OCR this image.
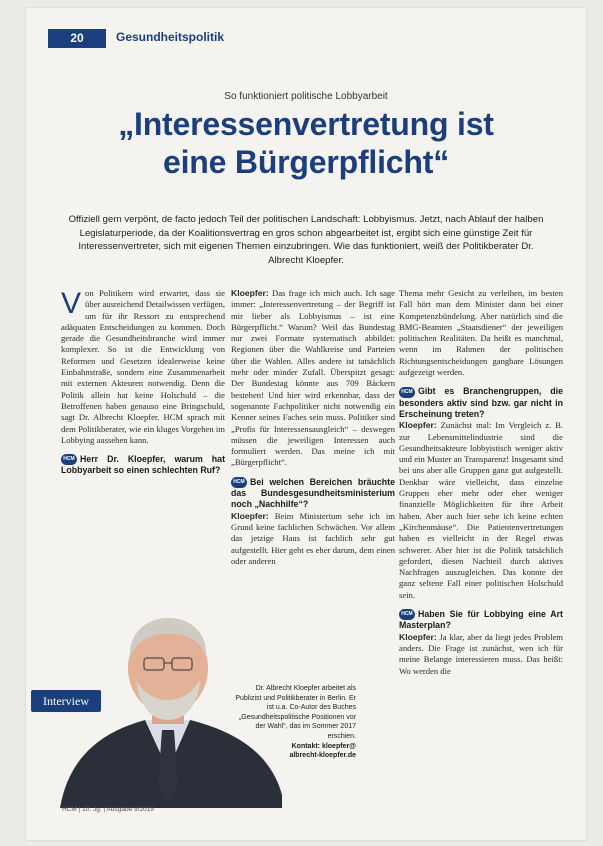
20	Gesundheitspolitik
So funktioniert politische Lobbyarbeit
„Interessenvertretung ist
eine Bürgerpflicht“
Offiziell gern verpönt, de facto jedoch Teil der politischen Landschaft: Lobbyismus. Jetzt, nach Ablauf der halben Legislaturperiode, da der Koalitionsvertrag en gros schon abgearbeitet ist, ergibt sich eine günstige Zeit für Interessenvertreter, sich mit eigenen Themen einzubringen. Wie das funktioniert, weiß der Politikberater Dr. Albrecht Kloepfer.

Von Politikern wird erwartet, dass sie über ausreichend Detailwissen verfügen, um für ihr Ressort zu entsprechend adäquaten Entscheidungen zu kommen. Doch gerade die Gesundheitsbranche wird immer komplexer. So ist die Entwicklung von Reformen und Gesetzen idealerweise keine Einbahnstraße, sondern eine Zusammenarbeit mit externen Akteuren notwendig. Denn die Politik allein hat keine Holschuld – die Betroffenen haben genauso eine Bringschuld, sagt Dr. Albrecht Kloepfer. HCM sprach mit dem Politikberater, wie ein kluges Vorgehen im Lobbying aussehen kann.

HCM Herr Dr. Kloepfer, warum hat Lobbyarbeit so einen schlechten Ruf?

Kloepfer: Das frage ich mich auch. Ich sage immer: „Interessenvertretung – der Begriff ist mir lieber als Lobbyismus – ist eine Bürgerpflicht.“ Warum? Weil das Bundestag nur zwei Formate systematisch abbildet: Regionen über die Wahlkreise und Parteien über die Wahlen. Alles andere ist tatsächlich mehr oder minder Zufall. Überspitzt gesagt: Der Bundestag könnte aus 709 Bäckern bestehen! Und hier wird erkennbar, dass der sogenannte Fachpolitiker nicht notwendig ein Kenner seines Faches sein muss. Politiker sind „Profis für Interessensausgleich“ – deswegen müssen die jeweiligen Interessen auch formuliert werden. Das meine ich mit „Bürgerpflicht“.

HCM Bei welchen Bereichen bräuchte das Bundesgesundheitsministerium noch „Nachhilfe“?

Kloepfer: Beim Ministerium sehe ich im Grund keine fachlichen Schwächen. Vor allem das jetzige Haus ist fachlich sehr gut aufgestellt. Hier geht es eher darum, dem einen oder anderen

Thema mehr Gesicht zu verleihen, im besten Fall hört man dem Minister dann bei einer Kompetenzbündelung. Aber natürlich sind die BMG-Beamten „Staatsdiener“ der jeweiligen politischen Realitäten. Da heißt es manchmal, wenn im Rahmen der politischen Richtungsentscheidungen gangbare Lösungen aufgezeigt werden.

HCM Gibt es Branchengruppen, die besonders aktiv sind bzw. gar nicht in Erscheinung treten?

Kloepfer: Zunächst mal: Im Vergleich z. B. zur Lebensmittelindustrie sind die Gesundheitsakteure lobbyistisch weniger aktiv und ein Muster an Transparenz! Insgesamt sind bei uns aber alle Gruppen ganz gut aufgestellt. Denkbar wäre vielleicht, dass einzelne Gruppen eher mehr oder eher weniger finanzielle Möglichkeiten für ihre Arbeit haben. Aber auch hier sehe ich keine echten „Kirchenmäuse“. Die Patientenvertretungen haben es vielleicht in der Regel etwas schwerer. Aber hier ist die Politik tatsächlich gefordert, diesen Nachteil durch aktives Nachfragen auszugleichen. Das konnte der ganz seltene Fall einer politischen Holschuld sein.

HCM Haben Sie für Lobbying eine Art Masterplan?

Kloepfer: Ja klar, aber da liegt jedes Problem anders. Die Frage ist zunächst, wen ich für meine Belange interessieren muss. Das heißt: Wo werden die

Interview
Dr. Albrecht Kloepfer arbeitet als Publizist und Politikberater in Berlin. Er ist u.a. Co-Autor des Buches „Gesundheitspolitische Positionen vor der Wahl“, das im Sommer 2017 erschien.
Kontakt: kloepfer@
albrecht-kloepfer.de
HCM | 10. Jg. | Ausgabe 9/2019
